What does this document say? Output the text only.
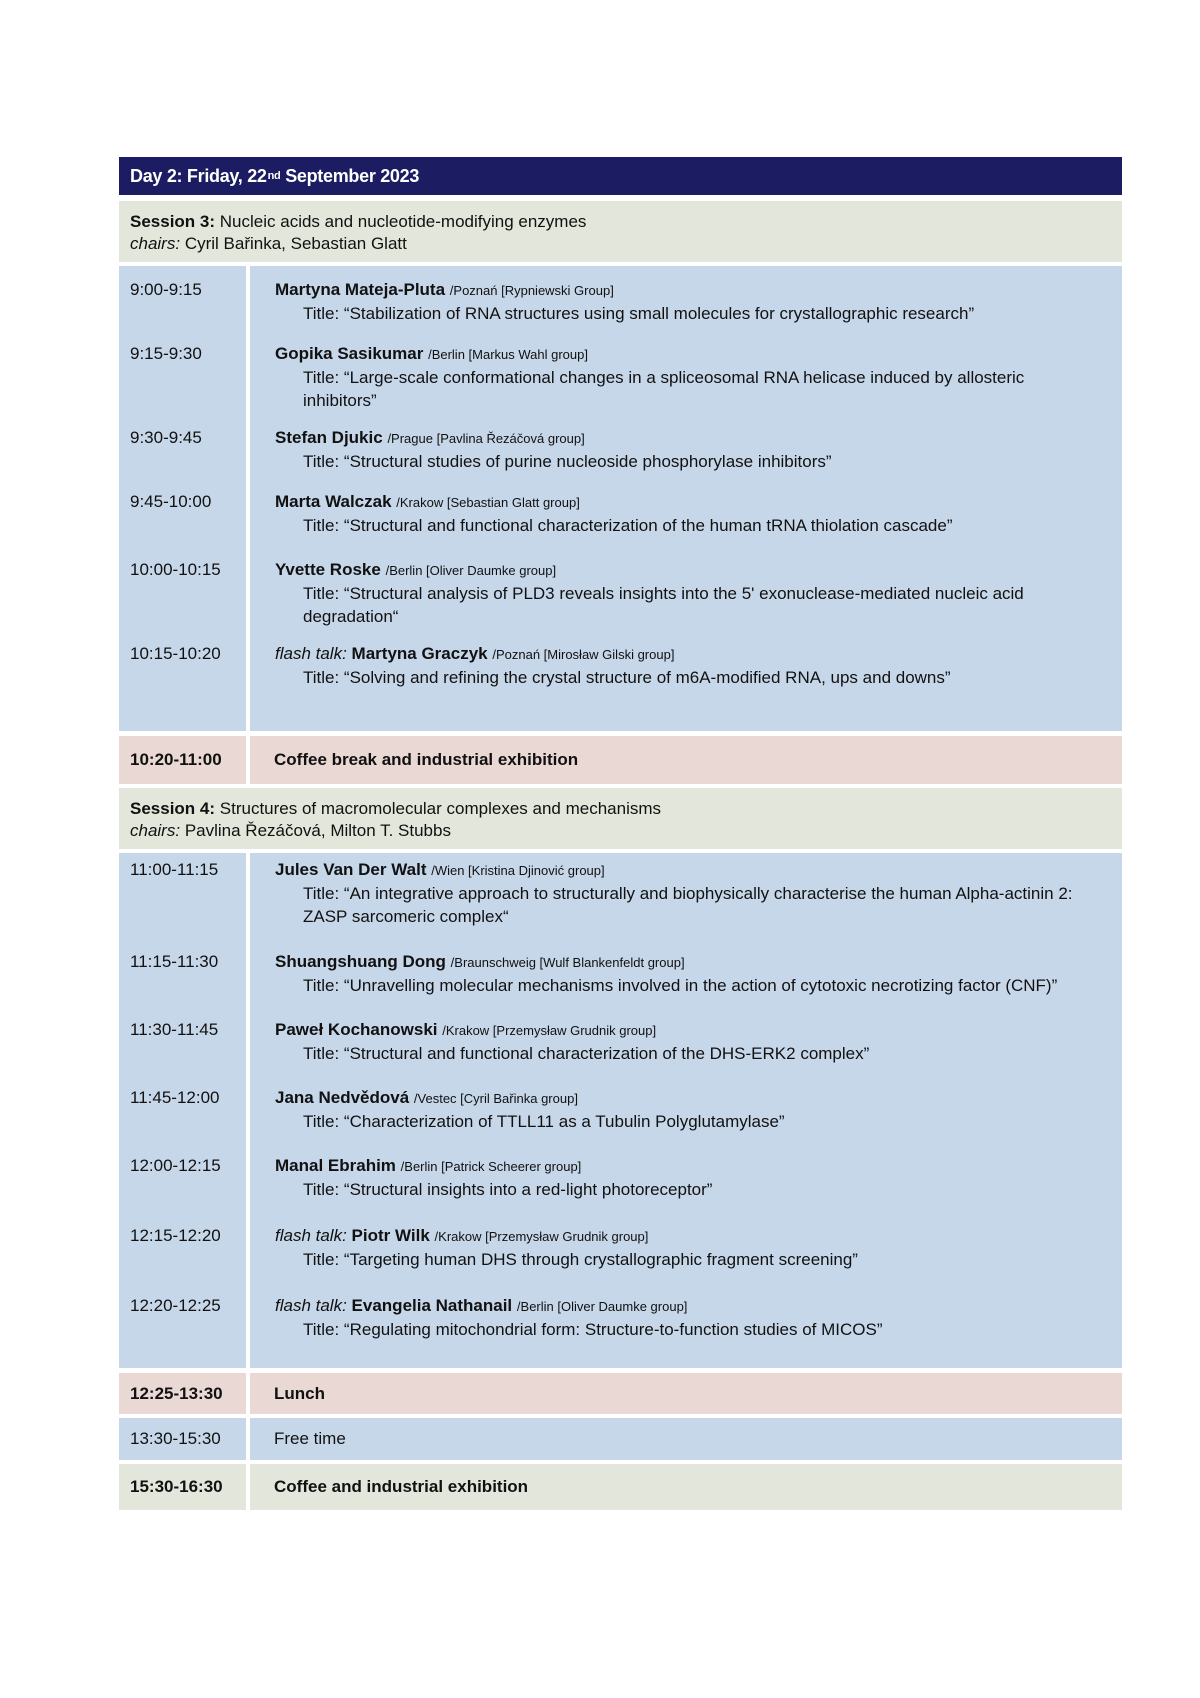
Day 2: Friday, 22 nd
September 2023
Session 3: Nucleic acids and nucleotide-modifying enzymes
chairs: Cyril Bařinka, Sebastian Glatt
10:20-11:00	Coffee break and industrial exhibition
Session 4: Structures of macromolecular complexes and mechanisms
chairs: Pavlina Řezáčová, Milton T. Stubbs
12:25-13:30	Lunch
13:30-15:30	Free time
15:30-16:30	Coffee and industrial exhibition
9:00-9:15	Martyna Mateja-Pluta /Poznań [Rypniewski Group]
Title: “Stabilization of RNA structures using small molecules for crystallographic research”
9:15-9:30	Gopika Sasikumar /Berlin [Markus Wahl group]
Title: “Large-scale conformational changes in a spliceosomal RNA helicase induced by allosteric inhibitors”
9:30-9:45	Stefan Djukic /Prague [Pavlina Řezáčová group]
Title: “Structural studies of purine nucleoside phosphorylase inhibitors”
9:45-10:00	Marta Walczak /Krakow [Sebastian Glatt group]
Title: “Structural and functional characterization of the human tRNA thiolation cascade”
10:00-10:15	Yvette Roske /Berlin [Oliver Daumke group]
Title: “Structural analysis of PLD3 reveals insights into the 5' exonuclease-mediated nucleic acid degradation“
10:15-10:20	flash talk: Martyna Graczyk /Poznań [Mirosław Gilski group]
Title: “Solving and refining the crystal structure of m6A-modified RNA, ups and downs”
11:00-11:15	Jules Van Der Walt /Wien [Kristina Djinović group]
Title: “An integrative approach to structurally and biophysically characterise the human Alpha-actinin 2: ZASP sarcomeric complex“
11:15-11:30	Shuangshuang Dong /Braunschweig [Wulf Blankenfeldt group]
Title: “Unravelling molecular mechanisms involved in the action of cytotoxic necrotizing factor (CNF)”
11:30-11:45	Paweł Kochanowski /Krakow [Przemysław Grudnik group]
Title: “Structural and functional characterization of the DHS-ERK2 complex”
11:45-12:00	Jana Nedvědová /Vestec [Cyril Bařinka group]
Title: “Characterization of TTLL11 as a Tubulin Polyglutamylase”
12:00-12:15	Manal Ebrahim /Berlin [Patrick Scheerer group]
Title: “Structural insights into a red-light photoreceptor”
12:15-12:20	flash talk: Piotr Wilk /Krakow [Przemysław Grudnik group]
Title: “Targeting human DHS through crystallographic fragment screening”
12:20-12:25	flash talk: Evangelia Nathanail /Berlin [Oliver Daumke group]
Title: “Regulating mitochondrial form: Structure-to-function studies of MICOS”
